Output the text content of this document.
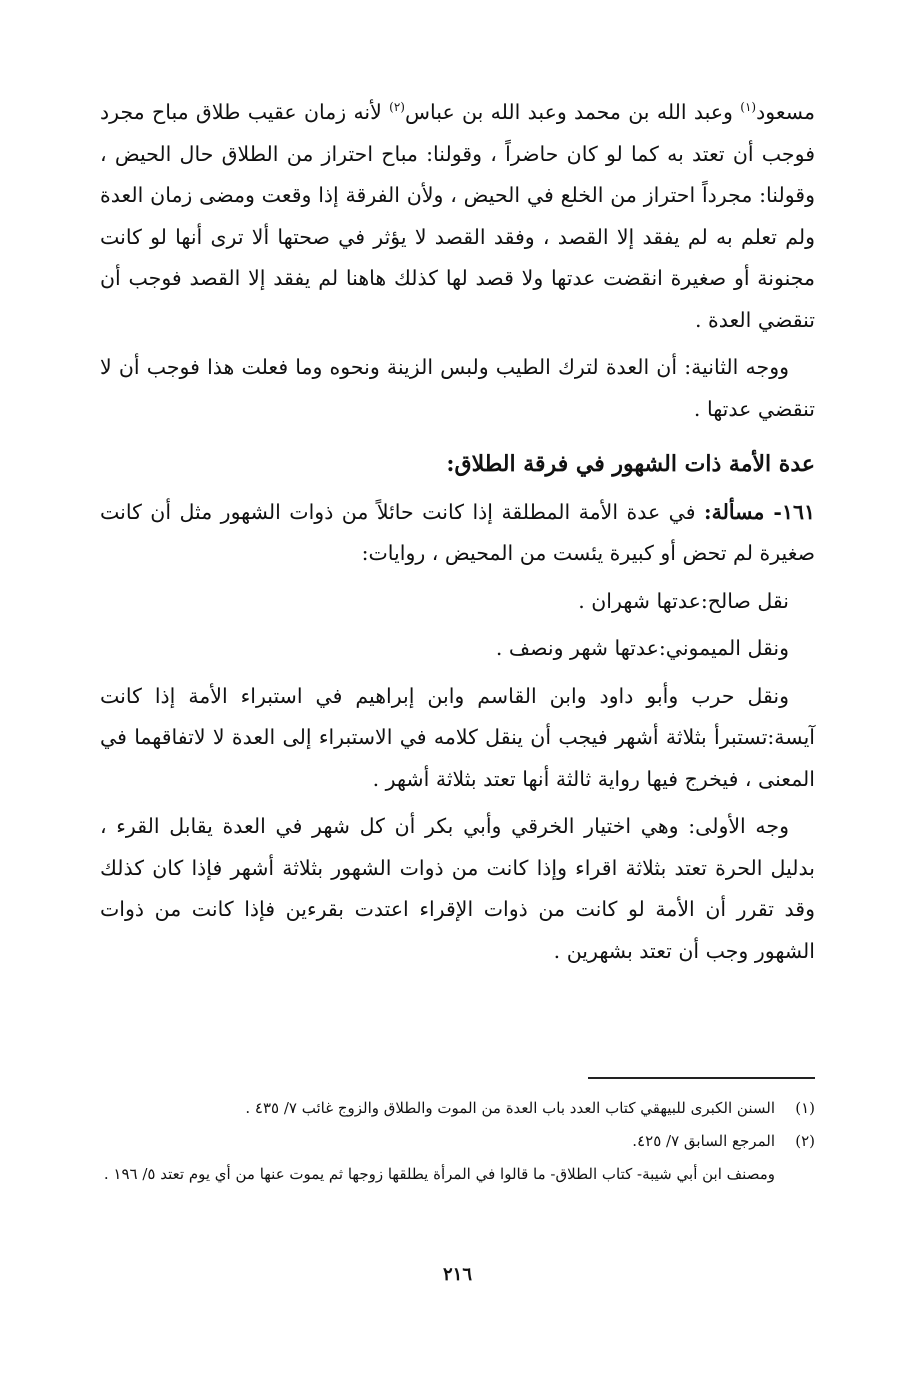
مسعود$^{(١)}$ وعبد الله بن محمد وعبد الله بن عباس$^{(٢)}$ لأنه زمان عقيب طلاق مباح مجرد فوجب أن تعتد به كما لو كان حاضراً ، وقولنا: مباح احتراز من الطلاق حال الحيض ، وقولنا: مجرداً احتراز من الخلع في الحيض ، ولأن الفرقة إذا وقعت ومضى زمان العدة ولم تعلم به لم يفقد إلا القصد ، وفقد القصد لا يؤثر في صحتها ألا ترى أنها لو كانت مجنونة أو صغيرة انقضت عدتها ولا قصد لها كذلك هاهنا لم يفقد إلا القصد فوجب أن تنقضي العدة .

ووجه الثانية: أن العدة لترك الطيب ولبس الزينة ونحوه وما فعلت هذا فوجب أن لا تنقضي عدتها .

عدة الأمة ذات الشهور في فرقة الطلاق:

١٦١- مسألة: في عدة الأمة المطلقة إذا كانت حائلاً من ذوات الشهور مثل أن كانت صغيرة لم تحض أو كبيرة يئست من المحيض ، روايات:

نقل صالح:عدتها شهران .

ونقل الميموني:عدتها شهر ونصف .

ونقل حرب وأبو داود وابن القاسم وابن إبراهيم في استبراء الأمة إذا كانت آيسة:تستبرأ بثلاثة أشهر فيجب أن ينقل كلامه في الاستبراء إلى العدة لا لاتفاقهما في المعنى ، فيخرج فيها رواية ثالثة أنها تعتد بثلاثة أشهر .

وجه الأولى: وهي اختيار الخرقي وأبي بكر أن كل شهر في العدة يقابل القرء ، بدليل الحرة تعتد بثلاثة اقراء وإذا كانت من ذوات الشهور بثلاثة أشهر فإذا كان كذلك وقد تقرر أن الأمة لو كانت من ذوات الإقراء اعتدت بقرءين فإذا كانت من ذوات الشهور وجب أن تعتد بشهرين .

(١)
السنن الكبرى للبيهقي كتاب العدد باب العدة من الموت والطلاق والزوج غائب ٧/ ٤٣٥ .
(٢)
المرجع السابق ٧/ ٤٢٥.
ومصنف ابن أبي شيبة- كتاب الطلاق- ما قالوا في المرأة يطلقها زوجها ثم يموت عنها من أي يوم تعتد ٥/ ١٩٦ .
٢١٦
